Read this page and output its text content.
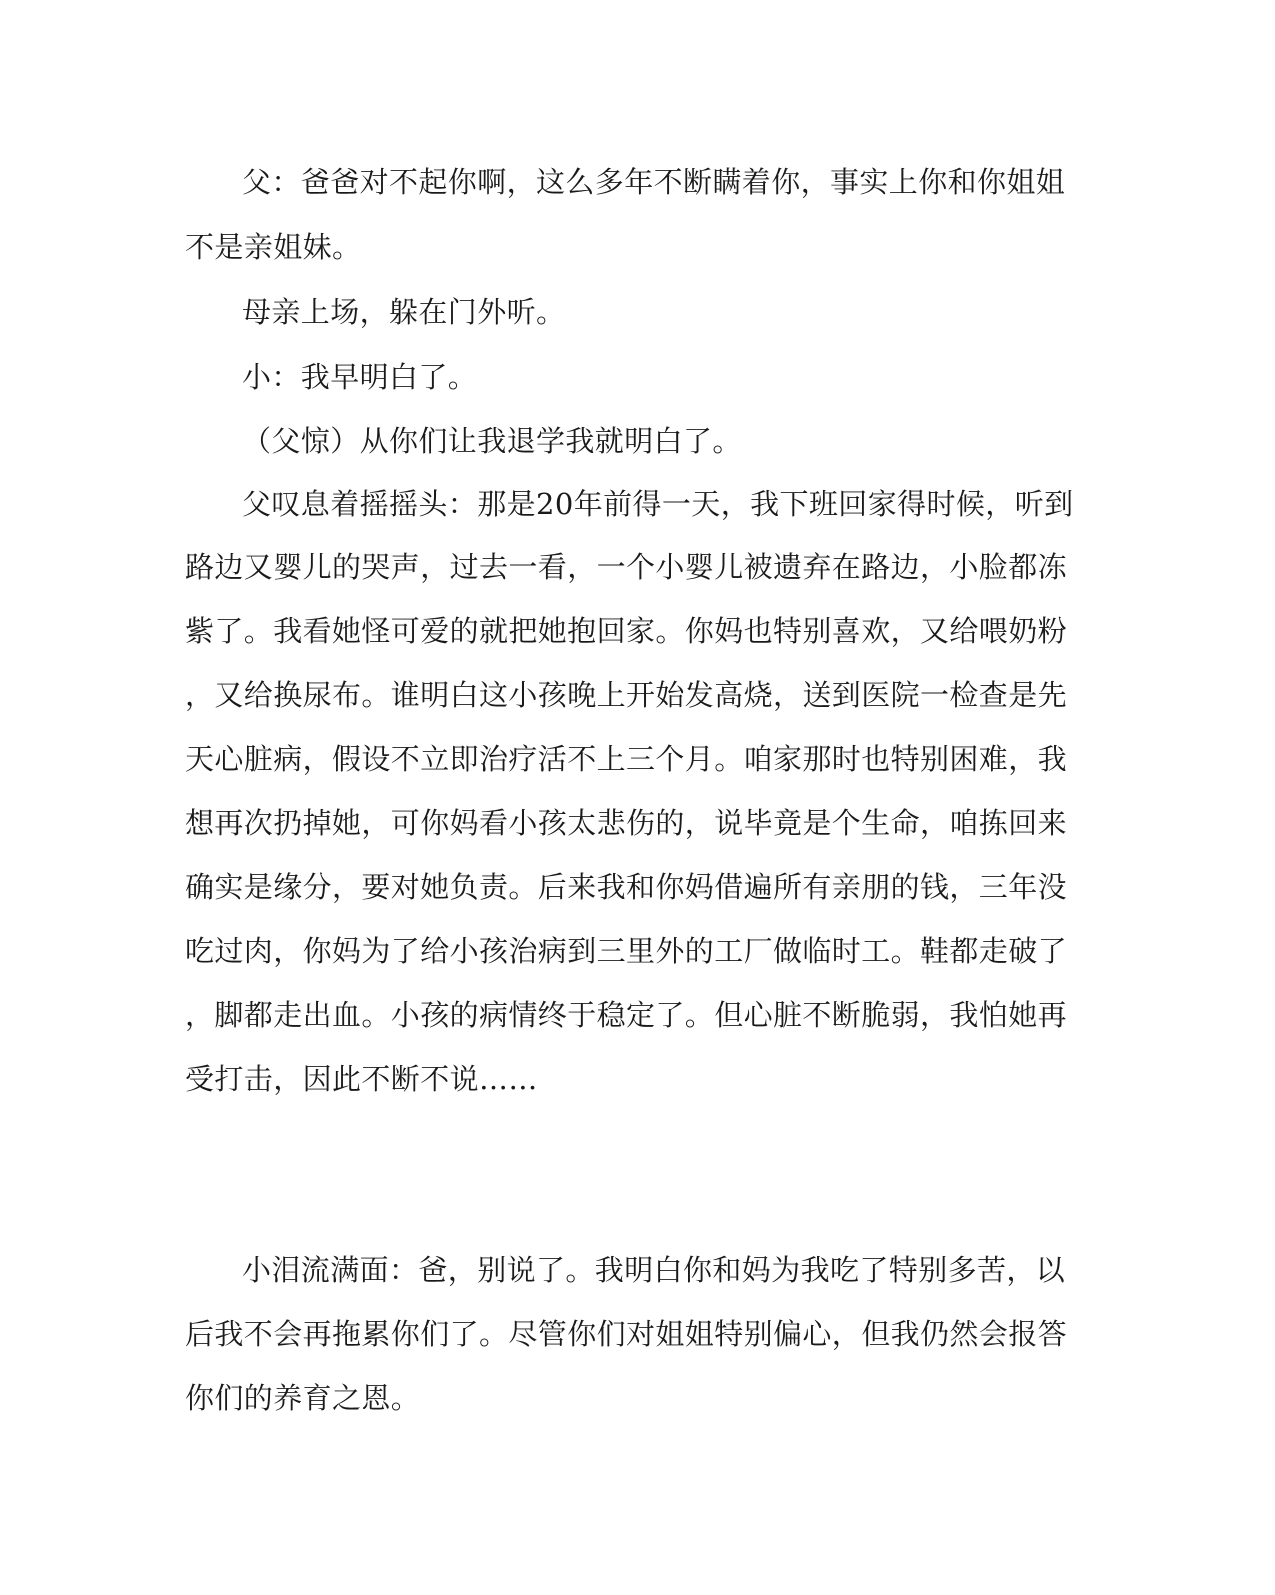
父：爸爸对不起你啊，这么多年不断瞒着你，事实上你和你姐姐

不是亲姐妹。

母亲上场，躲在门外听。

小：我早明白了。

（父惊）从你们让我退学我就明白了。

父叹息着摇摇头：那是20年前得一天，我下班回家得时候，听到

路边又婴儿的哭声，过去一看，一个小婴儿被遗弃在路边，小脸都冻

紫了。我看她怪可爱的就把她抱回家。你妈也特别喜欢，又给喂奶粉

，又给换尿布。谁明白这小孩晚上开始发高烧，送到医院一检查是先

天心脏病，假设不立即治疗活不上三个月。咱家那时也特别困难，我

想再次扔掉她，可你妈看小孩太悲伤的，说毕竟是个生命，咱拣回来

确实是缘分，要对她负责。后来我和你妈借遍所有亲朋的钱，三年没

吃过肉，你妈为了给小孩治病到三里外的工厂做临时工。鞋都走破了

，脚都走出血。小孩的病情终于稳定了。但心脏不断脆弱，我怕她再

受打击，因此不断不说……

小泪流满面：爸，别说了。我明白你和妈为我吃了特别多苦，以

后我不会再拖累你们了。尽管你们对姐姐特别偏心，但我仍然会报答

你们的养育之恩。
